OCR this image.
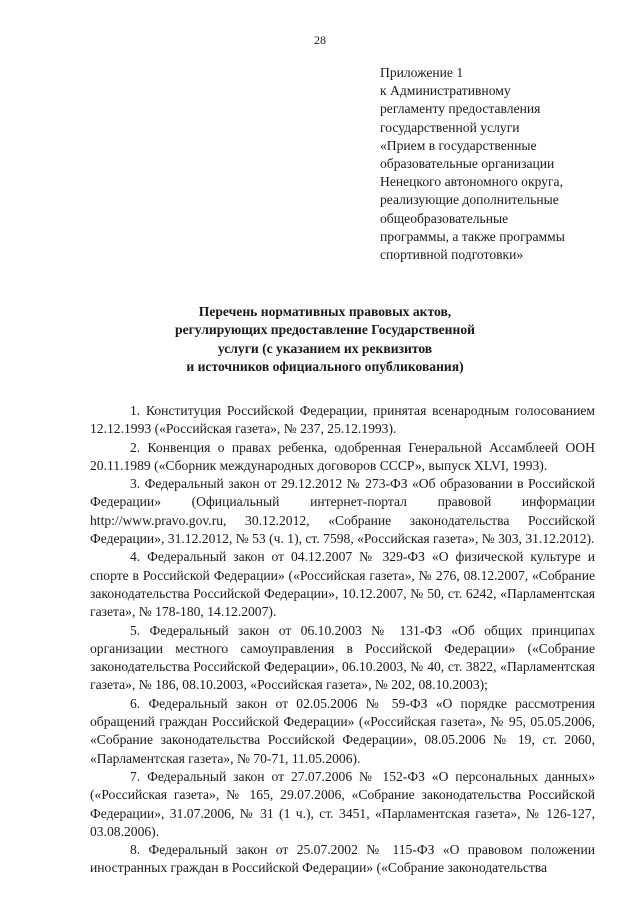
28
Приложение 1
к Административному
регламенту предоставления
государственной услуги
«Прием в государственные
образовательные организации
Ненецкого автономного округа,
реализующие дополнительные
общеобразовательные
программы, а также программы
спортивной подготовки»
Перечень нормативных правовых актов,
регулирующих предоставление Государственной
услуги (с указанием их реквизитов
и источников официального опубликования)

1. Конституция Российской Федерации, принятая всенародным голосованием 12.12.1993 («Российская газета», № 237, 25.12.1993).

2. Конвенция о правах ребенка, одобренная Генеральной Ассамблеей ООН 20.11.1989 («Сборник международных договоров СССР», выпуск XLVI, 1993).

3. Федеральный закон от 29.12.2012 № 273-ФЗ «Об образовании в Российской Федерации» (Официальный интернет-портал правовой информации http://www.pravo.gov.ru, 30.12.2012, «Собрание законодательства Российской Федерации», 31.12.2012, № 53 (ч. 1), ст. 7598, «Российская газета», № 303, 31.12.2012).

4. Федеральный закон от 04.12.2007 № 329-ФЗ «О физической культуре и спорте в Российской Федерации» («Российская газета», № 276, 08.12.2007, «Собрание законодательства Российской Федерации», 10.12.2007, № 50, ст. 6242, «Парламентская газета», № 178-180, 14.12.2007).

5. Федеральный закон от 06.10.2003 № 131-ФЗ «Об общих принципах организации местного самоуправления в Российской Федерации» («Собрание законодательства Российской Федерации», 06.10.2003, № 40, ст. 3822, «Парламентская газета», № 186, 08.10.2003, «Российская газета», № 202, 08.10.2003);

6. Федеральный закон от 02.05.2006 № 59-ФЗ «О порядке рассмотрения обращений граждан Российской Федерации» («Российская газета», № 95, 05.05.2006, «Собрание законодательства Российской Федерации», 08.05.2006 № 19, ст. 2060, «Парламентская газета», № 70-71, 11.05.2006).

7. Федеральный закон от 27.07.2006 № 152-ФЗ «О персональных данных» («Российская газета», № 165, 29.07.2006, «Собрание законодательства Российской Федерации», 31.07.2006, № 31 (1 ч.), ст. 3451, «Парламентская газета», № 126-127, 03.08.2006).

8. Федеральный закон от 25.07.2002 № 115-ФЗ «О правовом положении иностранных граждан в Российской Федерации» («Собрание законодательства
